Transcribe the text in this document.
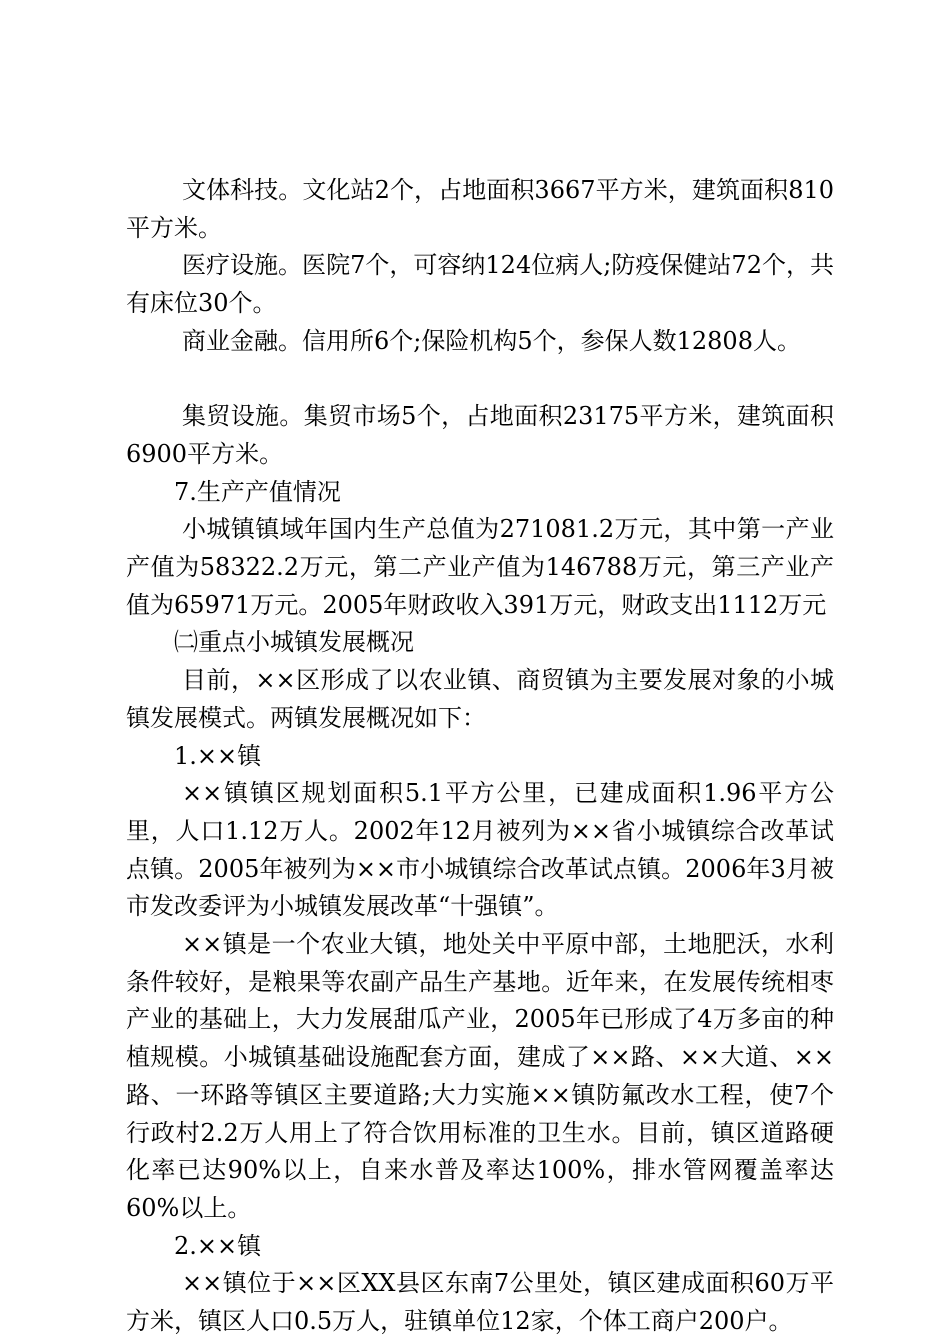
文体科技。文化站2个，占地面积3667平方米，建筑面积810平方米。

医疗设施。医院7个，可容纳124位病人;防疫保健站72个，共有床位30个。

商业金融。信用所6个;保险机构5个，参保人数12808人。

集贸设施。集贸市场5个，占地面积23175平方米，建筑面积6900平方米。

7.生产产值情况

小城镇镇域年国内生产总值为271081.2万元，其中第一产业产值为58322.2万元，第二产业产值为146788万元，第三产业产值为65971万元。2005年财政收入391万元，财政支出1112万元

㈡重点小城镇发展概况

目前，××区形成了以农业镇、商贸镇为主要发展对象的小城镇发展模式。两镇发展概况如下：

1.××镇

××镇镇区规划面积5.1平方公里，已建成面积1.96平方公里，人口1.12万人。2002年12月被列为××省小城镇综合改革试点镇。2005年被列为××市小城镇综合改革试点镇。2006年3月被市发改委评为小城镇发展改革“十强镇”。

××镇是一个农业大镇，地处关中平原中部，土地肥沃，水利条件较好，是粮果等农副产品生产基地。近年来，在发展传统相枣产业的基础上，大力发展甜瓜产业，2005年已形成了4万多亩的种植规模。小城镇基础设施配套方面，建成了××路、××大道、××路、一环路等镇区主要道路;大力实施××镇防氟改水工程，使7个行政村2.2万人用上了符合饮用标准的卫生水。目前，镇区道路硬化率已达90%以上，自来水普及率达100%，排水管网覆盖率达60%以上。

2.××镇

××镇位于××区XX县区东南7公里处，镇区建成面积60万平方米，镇区人口0.5万人，驻镇单位12家，个体工商户200户。
